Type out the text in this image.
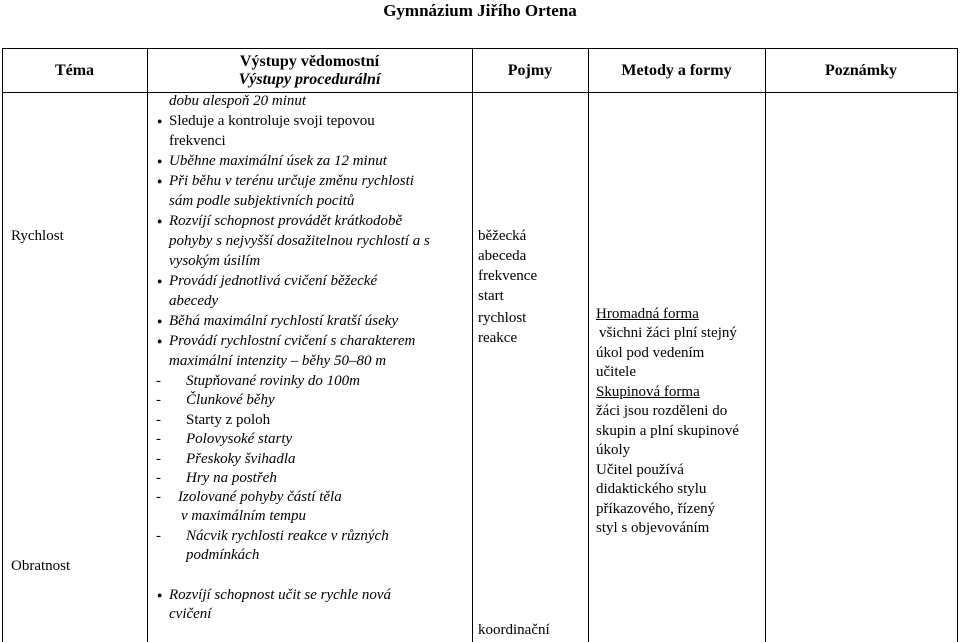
Gymnázium Jiřího Ortena
Téma
Výstupy vědomostní
Výstupy procedurální
Pojmy	Metody a formy	Poznámky
Rychlost
Obratnost
dobu alespoň 20 minut
● Sleduje a kontroluje svoji tepovou
frekvenci
● Uběhne maximální úsek za 12 minut
● Při běhu v terénu určuje změnu rychlosti
sám podle subjektivních pocitů
● Rozvíjí schopnost provádět krátkodobě
pohyby s nejvyšší dosažitelnou rychlostí a s
vysokým úsilím
● Provádí jednotlivá cvičení běžecké
abecedy
● Běhá maximální rychlostí kratší úseky
● Provádí rychlostní cvičení s charakterem
maximální intenzity – běhy 50–80 m
- Stupňované rovinky do 100m
- Člunkové běhy
- Starty z poloh
- Polovysoké starty
- Přeskoky švihadla
- Hry na postřeh
- Izolované pohyby částí těla
v maximálním tempu
- Nácvik rychlosti reakce v různých
podmínkách
● Rozvíjí schopnost učit se rychle nová
cvičení
běžecká
abeceda
frekvence
start
rychlost
reakce
koordinační
Hromadná forma
všichni žáci plní stejný
úkol pod vedením
učitele
Skupinová forma
žáci jsou rozděleni do
skupin a plní skupinové
úkoly
Učitel používá
didaktického stylu
příkazového, řízený
styl s objevováním
